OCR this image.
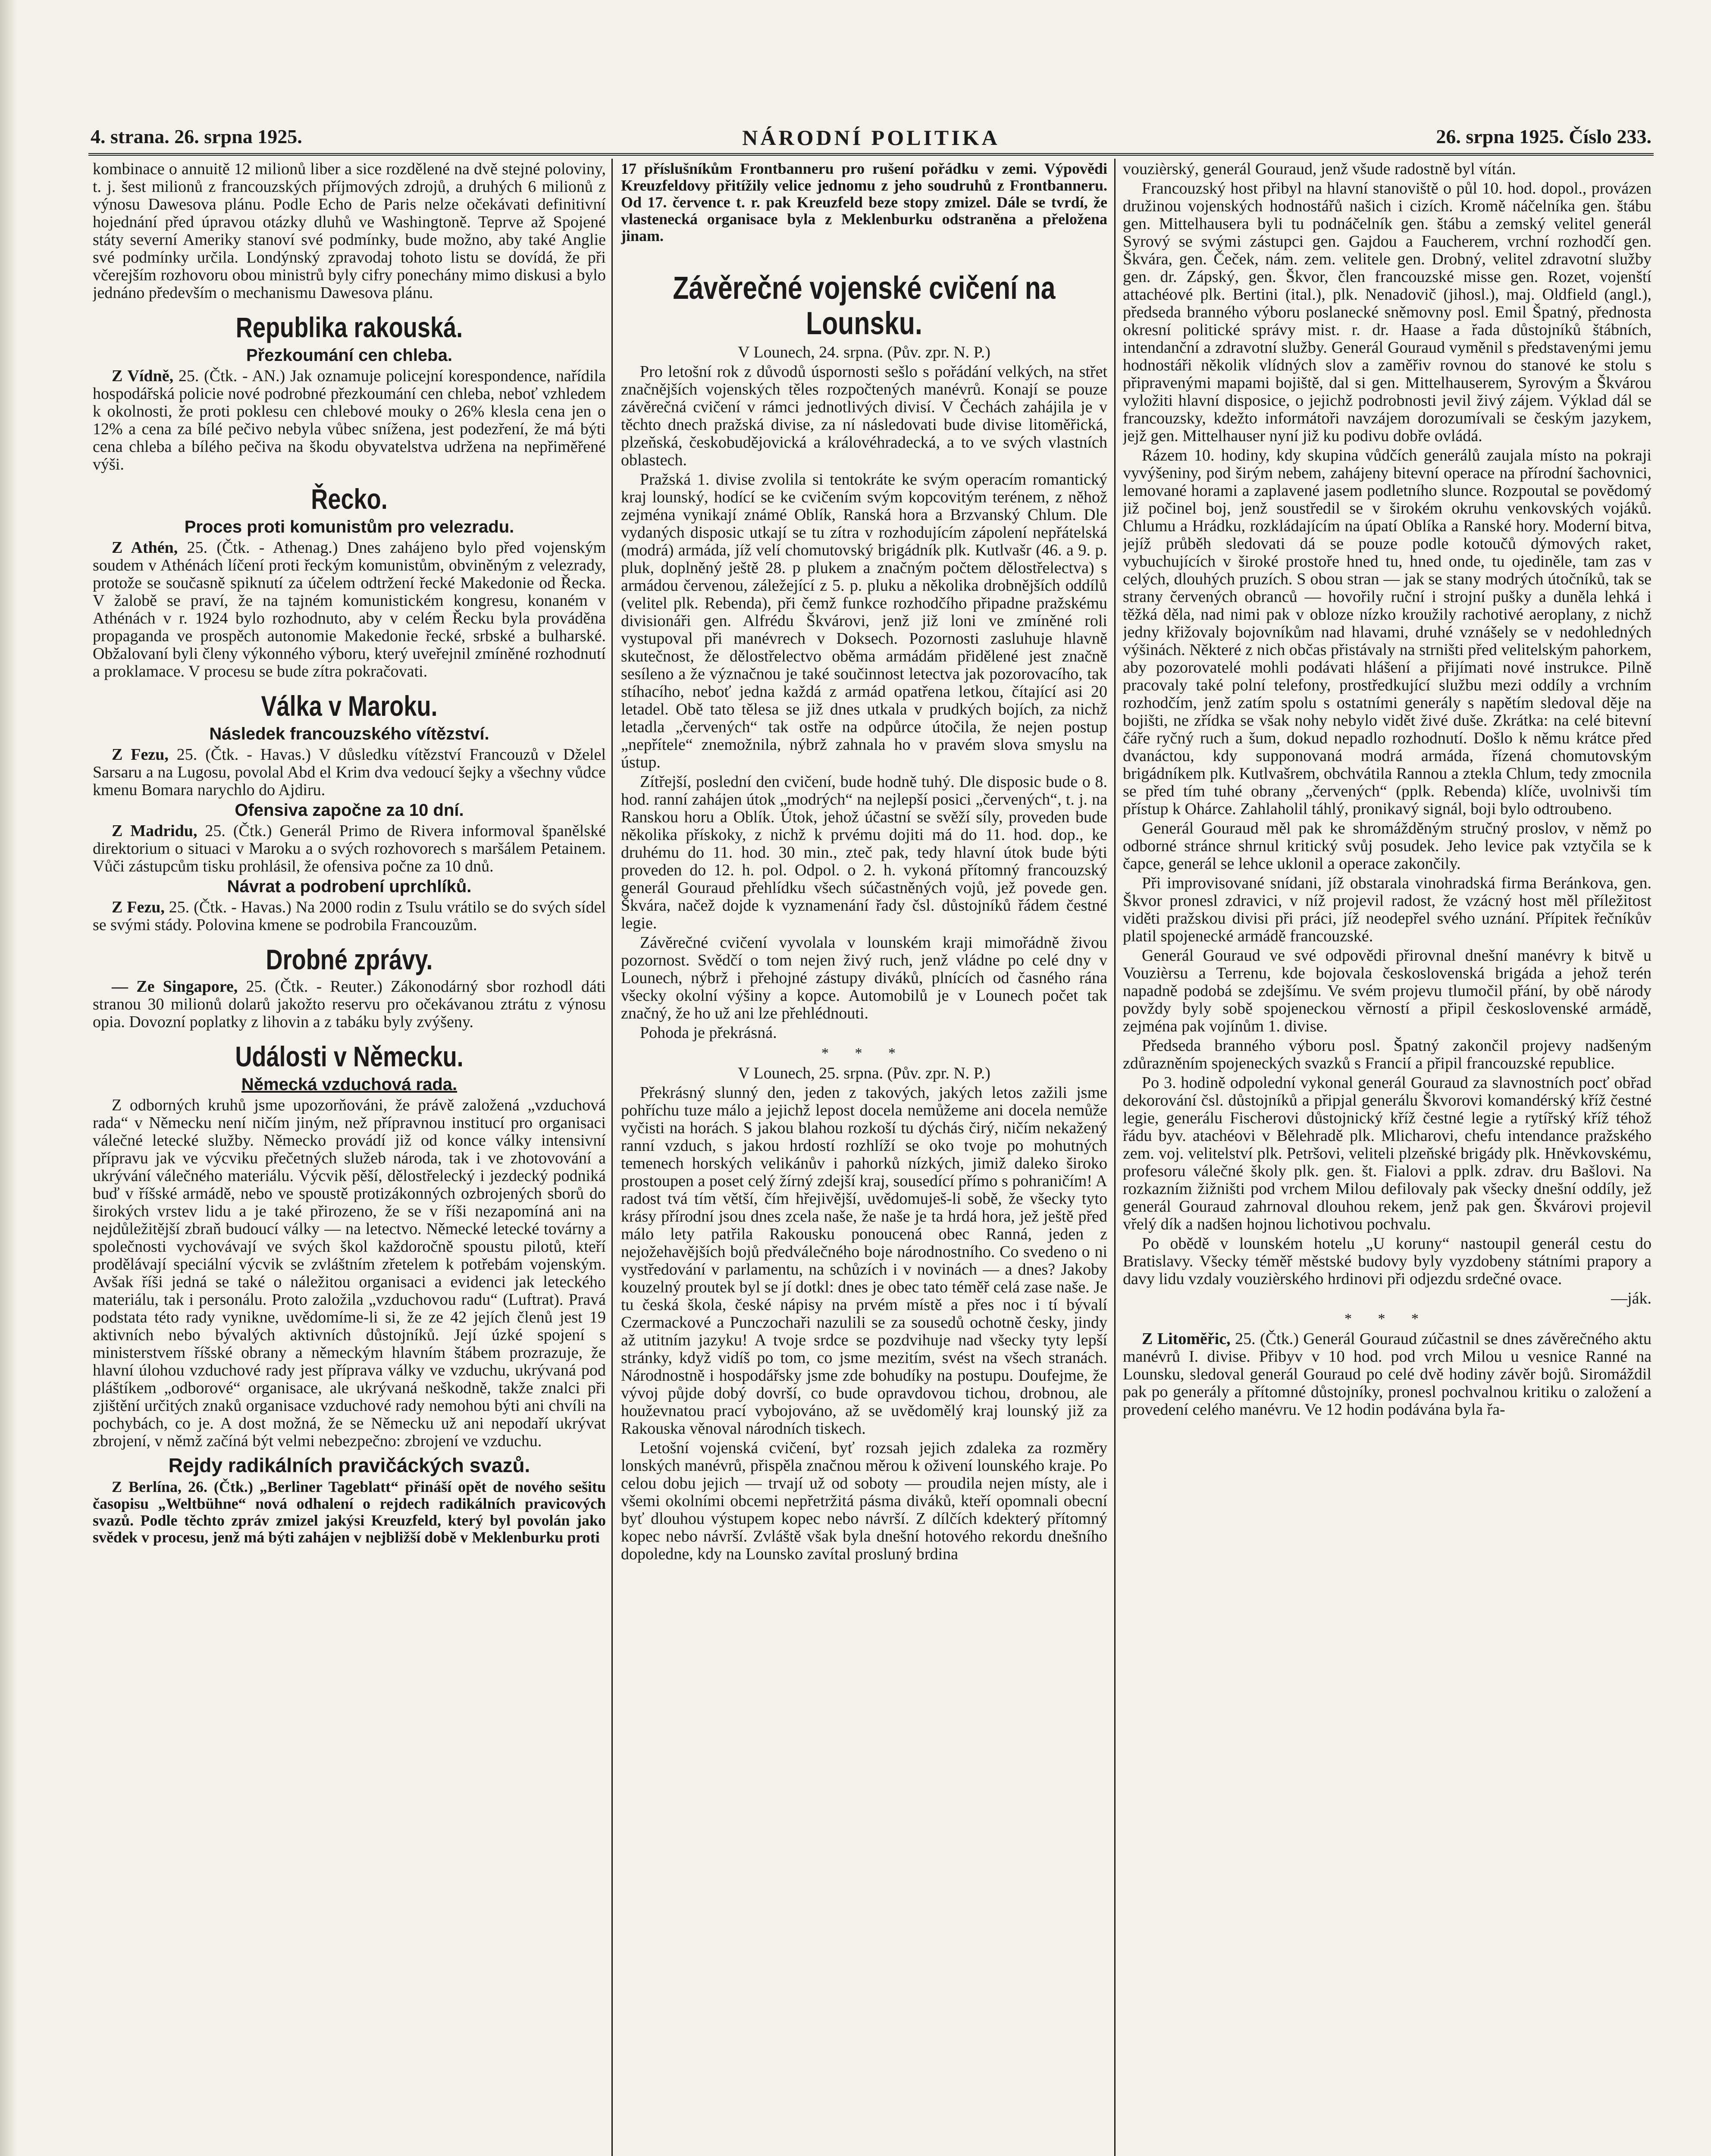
4. strana. 26. srpna 1925.	NÁRODNÍ POLITIKA	26. srpna 1925. Číslo 233.

kombinace o annuitě 12 milionů liber a sice rozdělené na dvě stejné poloviny, t. j. šest milionů z francouzských příjmových zdrojů, a druhých 6 milionů z výnosu Dawesova plánu. Podle Echo de Paris nelze očekávati definitivní hojednání před úpravou otázky dluhů ve Washingtoně. Teprve až Spojené státy severní Ameriky stanoví své podmínky, bude možno, aby také Anglie své podmínky určila. Londýnský zpravodaj tohoto listu se dovídá, že při včerejším rozhovoru obou ministrů byly cifry ponechány mimo diskusi a bylo jednáno především o mechanismu Dawesova plánu.

Republika rakouská.
Přezkoumání cen chleba.

Z Vídně, 25. (Čtk. - AN.) Jak oznamuje policejní korespondence, nařídila hospodářská policie nové podrobné přezkoumání cen chleba, neboť vzhledem k okolnosti, že proti poklesu cen chlebové mouky o 26% klesla cena jen o 12% a cena za bílé pečivo nebyla vůbec snížena, jest podezření, že má býti cena chleba a bílého pečiva na škodu obyvatelstva udržena na nepřiměřené výši.

Řecko.
Proces proti komunistům pro velezradu.

Z Athén, 25. (Čtk. - Athenag.) Dnes zahájeno bylo před vojenským soudem v Athénách líčení proti řeckým komunistům, obviněným z velezrady, protože se současně spiknutí za účelem odtržení řecké Makedonie od Řecka. V žalobě se praví, že na tajném komunistickém kongresu, konaném v Athénách v r. 1924 bylo rozhodnuto, aby v celém Řecku byla prováděna propaganda ve prospěch autonomie Makedonie řecké, srbské a bulharské. Obžalovaní byli členy výkonného výboru, který uveřejnil zmíněné rozhodnutí a proklamace. V procesu se bude zítra pokračovati.

Válka v Maroku.
Následek francouzského vítězství.

Z Fezu, 25. (Čtk. - Havas.) V důsledku vítězství Francouzů v Dželel Sarsaru a na Lugosu, povolal Abd el Krim dva vedoucí šejky a všechny vůdce kmenu Bomara narychlo do Ajdiru.

Ofensiva započne za 10 dní.

Z Madridu, 25. (Čtk.) Generál Primo de Rivera informoval španělské direktorium o situaci v Maroku a o svých rozhovorech s maršálem Petainem. Vůči zástupcům tisku prohlásil, že ofensiva počne za 10 dnů.

Návrat a podrobení uprchlíků.

Z Fezu, 25. (Čtk. - Havas.) Na 2000 rodin z Tsulu vrátilo se do svých sídel se svými stády. Polovina kmene se podrobila Francouzům.

Drobné zprávy.

— Ze Singapore, 25. (Čtk. - Reuter.) Zákonodárný sbor rozhodl dáti stranou 30 milionů dolarů jakožto reservu pro očekávanou ztrátu z výnosu opia. Dovozní poplatky z lihovin a z tabáku byly zvýšeny.

Události v Německu.
Německá vzduchová rada.

Z odborných kruhů jsme upozorňováni, že právě založená „vzduchová rada“ v Německu není ničím jiným, než přípravnou institucí pro organisaci válečné letecké služby. Německo provádí již od konce války intensivní přípravu jak ve výcviku přečetných služeb národa, tak i ve zhotovování a ukrývání válečného materiálu. Výcvik pěší, dělostřelecký i jezdecký podniká buď v říšské armádě, nebo ve spoustě protizákonných ozbrojených sborů do širokých vrstev lidu a je také přirozeno, že se v říši nezapomíná ani na nejdůležitější zbraň budoucí války — na letectvo. Německé letecké továrny a společnosti vychovávají ve svých škol každoročně spoustu pilotů, kteří prodělávají speciální výcvik se zvláštním zřetelem k potřebám vojenským. Avšak říši jedná se také o náležitou organisaci a evidenci jak leteckého materiálu, tak i personálu. Proto založila „vzduchovou radu“ (Luftrat). Pravá podstata této rady vynikne, uvědomíme-li si, že ze 42 jejích členů jest 19 aktivních nebo bývalých aktivních důstojníků. Její úzké spojení s ministerstvem říšské obrany a německým hlavním štábem prozrazuje, že hlavní úlohou vzduchové rady jest příprava války ve vzduchu, ukrývaná pod pláštíkem „odborové“ organisace, ale ukrývaná neškodně, takže znalci při zjištění určitých znaků organisace vzduchové rady nemohou býti ani chvíli na pochybách, co je. A dost možná, že se Německu už ani nepodaří ukrývat zbrojení, v němž začíná být velmi nebezpečno: zbrojení ve vzduchu.

Rejdy radikálních pravičáckých svazů.

Z Berlína, 26. (Čtk.) „Berliner Tageblatt“ přináší opět de nového sešitu časopisu „Weltbühne“ nová odhalení o rejdech radikálních pravicových svazů. Podle těchto zpráv zmizel jakýsi Kreuzfeld, který byl povolán jako svědek v procesu, jenž má býti zahájen v nejbližší době v Meklenburku proti

17 příslušníkům Frontbanneru pro rušení pořádku v zemi. Výpovědi Kreuzfeldovy přitížily velice jednomu z jeho soudruhů z Frontbanneru. Od 17. července t. r. pak Kreuzfeld beze stopy zmizel. Dále se tvrdí, že vlastenecká organisace byla z Meklenburku odstraněna a přeložena jinam.

Závěrečné vojenské cvičení na Lounsku.

V Lounech, 24. srpna. (Pův. zpr. N. P.)

Pro letošní rok z důvodů úspornosti sešlo s pořádání velkých, na střet značnějších vojenských těles rozpočtených manévrů. Konají se pouze závěrečná cvičení v rámci jednotlivých divisí. V Čechách zahájila je v těchto dnech pražská divise, za ní následovati bude divise litoměřická, plzeňská, českobudějovická a královéhradecká, a to ve svých vlastních oblastech.

Pražská 1. divise zvolila si tentokráte ke svým operacím romantický kraj lounský, hodící se ke cvičením svým kopcovitým terénem, z něhož zejména vynikají známé Oblík, Ranská hora a Brzvanský Chlum. Dle vydaných disposic utkají se tu zítra v rozhodujícím zápolení nepřátelská (modrá) armáda, jíž velí chomutovský brigádník plk. Kutlvašr (46. a 9. p. pluk, doplněný ještě 28. p plukem a značným počtem dělostřelectva) s armádou červenou, záležející z 5. p. pluku a několika drobnějších oddílů (velitel plk. Rebenda), při čemž funkce rozhodčího připadne pražskému divisionáři gen. Alfrédu Škvárovi, jenž již loni ve zmíněné roli vystupoval při manévrech v Doksech. Pozornosti zasluhuje hlavně skutečnost, že dělostřelectvo oběma armádám přidělené jest značně sesíleno a že význačnou je také součinnost letectva jak pozorovacího, tak stíhacího, neboť jedna každá z armád opatřena letkou, čítající asi 20 letadel. Obě tato tělesa se již dnes utkala v prudkých bojích, za nichž letadla „červených“ tak ostře na odpůrce útočila, že nejen postup „nepřítele“ znemožnila, nýbrž zahnala ho v pravém slova smyslu na ústup.

Zítřejší, poslední den cvičení, bude hodně tuhý. Dle disposic bude o 8. hod. ranní zahájen útok „modrých“ na nejlepší posici „červených“, t. j. na Ranskou horu a Oblík. Útok, jehož účastní se svěží síly, proveden bude několika přískoky, z nichž k prvému dojiti má do 11. hod. dop., ke druhému do 11. hod. 30 min., zteč pak, tedy hlavní útok bude býti proveden do 12. h. pol. Odpol. o 2. h. vykoná přítomný francouzský generál Gouraud přehlídku všech súčastněných vojů, jež povede gen. Škvára, načež dojde k vyznamenání řady čsl. důstojníků řádem čestné legie.

Závěrečné cvičení vyvolala v lounském kraji mimořádně živou pozornost. Svědčí o tom nejen živý ruch, jenž vládne po celé dny v Lounech, nýbrž i přehojné zástupy diváků, plnících od časného rána všecky okolní výšiny a kopce. Automobilů je v Lounech počet tak značný, že ho už ani lze přehlédnouti.

Pohoda je překrásná.

* * *

V Lounech, 25. srpna. (Pův. zpr. N. P.)

Překrásný slunný den, jeden z takových, jakých letos zažili jsme pohříchu tuze málo a jejichž lepost docela nemůžeme ani docela nemůže vyčisti na horách. S jakou blahou rozkoší tu dýchás čirý, ničím nekažený ranní vzduch, s jakou hrdostí rozhlíží se oko tvoje po mohutných temenech horských velikánův i pahorků nízkých, jimiž daleko široko prostoupen a poset celý žírný zdejší kraj, sousedící přímo s pohraničím! A radost tvá tím větší, čím hřejivější, uvědomuješ-li sobě, že všecky tyto krásy přírodní jsou dnes zcela naše, že naše je ta hrdá hora, jež ještě před málo lety patřila Rakousku ponoucená obec Ranná, jeden z nejožehavějších bojů předválečného boje národnostního. Co svedeno o ni vystředování v parlamentu, na schůzích i v novinách — a dnes? Jakoby kouzelný proutek byl se jí dotkl: dnes je obec tato téměř celá zase naše. Je tu česká škola, české nápisy na prvém místě a přes noc i tí bývalí Czermackové a Punczochaři nazulili se za sousedů ochotně česky, jindy až utitním jazyku! A tvoje srdce se pozdvihuje nad všecky tyty lepší stránky, když vidíš po tom, co jsme mezitím, svést na všech stranách. Národnostně i hospodářsky jsme zde bohudíky na postupu. Doufejme, že vývoj půjde dobý dovrší, co bude opravdovou tichou, drobnou, ale houževnatou prací vybojováno, až se uvědomělý kraj lounský již za Rakouska věnoval národních tiskech.

Letošní vojenská cvičení, byť rozsah jejich zdaleka za rozměry lonských manévrů, přispěla značnou měrou k oživení lounského kraje. Po celou dobu jejich — trvají už od soboty — proudila nejen místy, ale i všemi okolními obcemi nepřetržitá pásma diváků, kteří opomnali obecní byť dlouhou výstupem kopec nebo návrší. Z dílčích kdekterý přítomný kopec nebo návrší. Zvláště však byla dnešní hotového rekordu dnešního dopoledne, kdy na Lounsko zavítal prosluný brdina

vouzièrský, generál Gouraud, jenž všude radostně byl vítán.

Francouzský host přibyl na hlavní stanoviště o půl 10. hod. dopol., provázen družinou vojenských hodnostářů našich i cizích. Kromě náčelníka gen. štábu gen. Mittelhausera byli tu podnáčelník gen. štábu a zemský velitel generál Syrový se svými zástupci gen. Gajdou a Faucherem, vrchní rozhodčí gen. Škvára, gen. Čeček, nám. zem. velitele gen. Drobný, velitel zdravotní služby gen. dr. Zápský, gen. Škvor, člen francouzské misse gen. Rozet, vojenští attachéové plk. Bertini (ital.), plk. Nenadovič (jihosl.), maj. Oldfield (angl.), předseda branného výboru poslanecké sněmovny posl. Emil Špatný, přednosta okresní politické správy mist. r. dr. Haase a řada důstojníků štábních, intendanční a zdravotní služby. Generál Gouraud vyměnil s představenými jemu hodnostáři několik vlídných slov a zaměřiv rovnou do stanové ke stolu s připravenými mapami bojiště, dal si gen. Mittelhauserem, Syrovým a Škvárou vyložiti hlavní disposice, o jejichž podrobnosti jevil živý zájem. Výklad dál se francouzsky, kdežto informátoři navzájem dorozumívali se českým jazykem, jejž gen. Mittelhauser nyní již ku podivu dobře ovládá.

Rázem 10. hodiny, kdy skupina vůdčích generálů zaujala místo na pokraji vyvýšeniny, pod širým nebem, zahájeny bitevní operace na přírodní šachovnici, lemované horami a zaplavené jasem podletního slunce. Rozpoutal se povědomý již počinel boj, jenž soustředil se v širokém okruhu venkovských vojáků. Chlumu a Hrádku, rozkládajícím na úpatí Oblíka a Ranské hory. Moderní bitva, jejíž průběh sledovati dá se pouze podle kotoučů dýmových raket, vybuchujících v široké prostoře hned tu, hned onde, tu ojediněle, tam zas v celých, dlouhých pruzích. S obou stran — jak se stany modrých útočníků, tak se strany červených obranců — hovořily ruční i strojní pušky a duněla lehká i těžká děla, nad nimi pak v obloze nízko kroužily rachotivé aeroplany, z nichž jedny křižovaly bojovníkům nad hlavami, druhé vznášely se v nedohledných výšinách. Některé z nich občas přistávaly na strništi před velitelským pahorkem, aby pozorovatelé mohli podávati hlášení a přijímati nové instrukce. Pilně pracovaly také polní telefony, prostředkující službu mezi oddíly a vrchním rozhodčím, jenž zatím spolu s ostatními generály s napětím sledoval děje na bojišti, ne zřídka se však nohy nebylo vidět živé duše. Zkrátka: na celé bitevní čáře ryčný ruch a šum, dokud nepadlo rozhodnutí. Došlo k němu krátce před dvanáctou, kdy supponovaná modrá armáda, řízená chomutovským brigádníkem plk. Kutlvašrem, obchvátila Rannou a ztekla Chlum, tedy zmocnila se před tím tuhé obrany „červených“ (pplk. Rebenda) klíče, uvolnivši tím přístup k Ohárce. Zahlaholil táhlý, pronikavý signál, boji bylo odtroubeno.

Generál Gouraud měl pak ke shromážděným stručný proslov, v němž po odborné stránce shrnul kritický svůj posudek. Jeho levice pak vztyčila se k čapce, generál se lehce uklonil a operace zakončily.

Při improvisované snídani, jíž obstarala vinohradská firma Beránkova, gen. Škvor pronesl zdravici, v níž projevil radost, že vzácný host měl příležitost viděti pražskou divisi při práci, jíž neodepřel svého uznání. Přípitek řečníkův platil spojenecké armádě francouzské.

Generál Gouraud ve své odpovědi přirovnal dnešní manévry k bitvě u Vouzièrsu a Terrenu, kde bojovala československá brigáda a jehož terén napadně podobá se zdejšímu. Ve svém projevu tlumočil přání, by obě národy povždy byly sobě spojeneckou věrností a připil československé armádě, zejména pak vojínům 1. divise.

Předseda branného výboru posl. Špatný zakončil projevy nadšeným zdůrazněním spojeneckých svazků s Francií a připil francouzské republice.

Po 3. hodině odpolední vykonal generál Gouraud za slavnostních pocť obřad dekorování čsl. důstojníků a připjal generálu Škvorovi komandérský kříž čestné legie, generálu Fischerovi důstojnický kříž čestné legie a rytířský kříž téhož řádu byv. atachéovi v Bělehradě plk. Mlicharovi, chefu intendance pražského zem. voj. velitelství plk. Petršovi, veliteli plzeňské brigády plk. Hněvkovskému, profesoru válečné školy plk. gen. št. Fialovi a pplk. zdrav. dru Bašlovi. Na rozkazním žižništi pod vrchem Milou defilovaly pak všecky dnešní oddíly, jež generál Gouraud zahrnoval dlouhou rekem, jenž pak gen. Škvárovi projevil vřelý dík a nadšen hojnou lichotivou pochvalu.

Po obědě v lounském hotelu „U koruny“ nastoupil generál cestu do Bratislavy. Všecky téměř městské budovy byly vyzdobeny státními prapory a davy lidu vzdaly vouzièrského hrdinovi při odjezdu srdečné ovace.

—ják.

* * *

Z Litoměřic, 25. (Čtk.) Generál Gouraud zúčastnil se dnes závěrečného aktu manévrů I. divise. Přibyv v 10 hod. pod vrch Milou u vesnice Ranné na Lounsku, sledoval generál Gouraud po celé dvě hodiny závěr bojů. Siromáždil pak po generály a přítomné důstojníky, pronesl pochvalnou kritiku o založení a provedení celého manévru. Ve 12 hodin podávána byla řa-
